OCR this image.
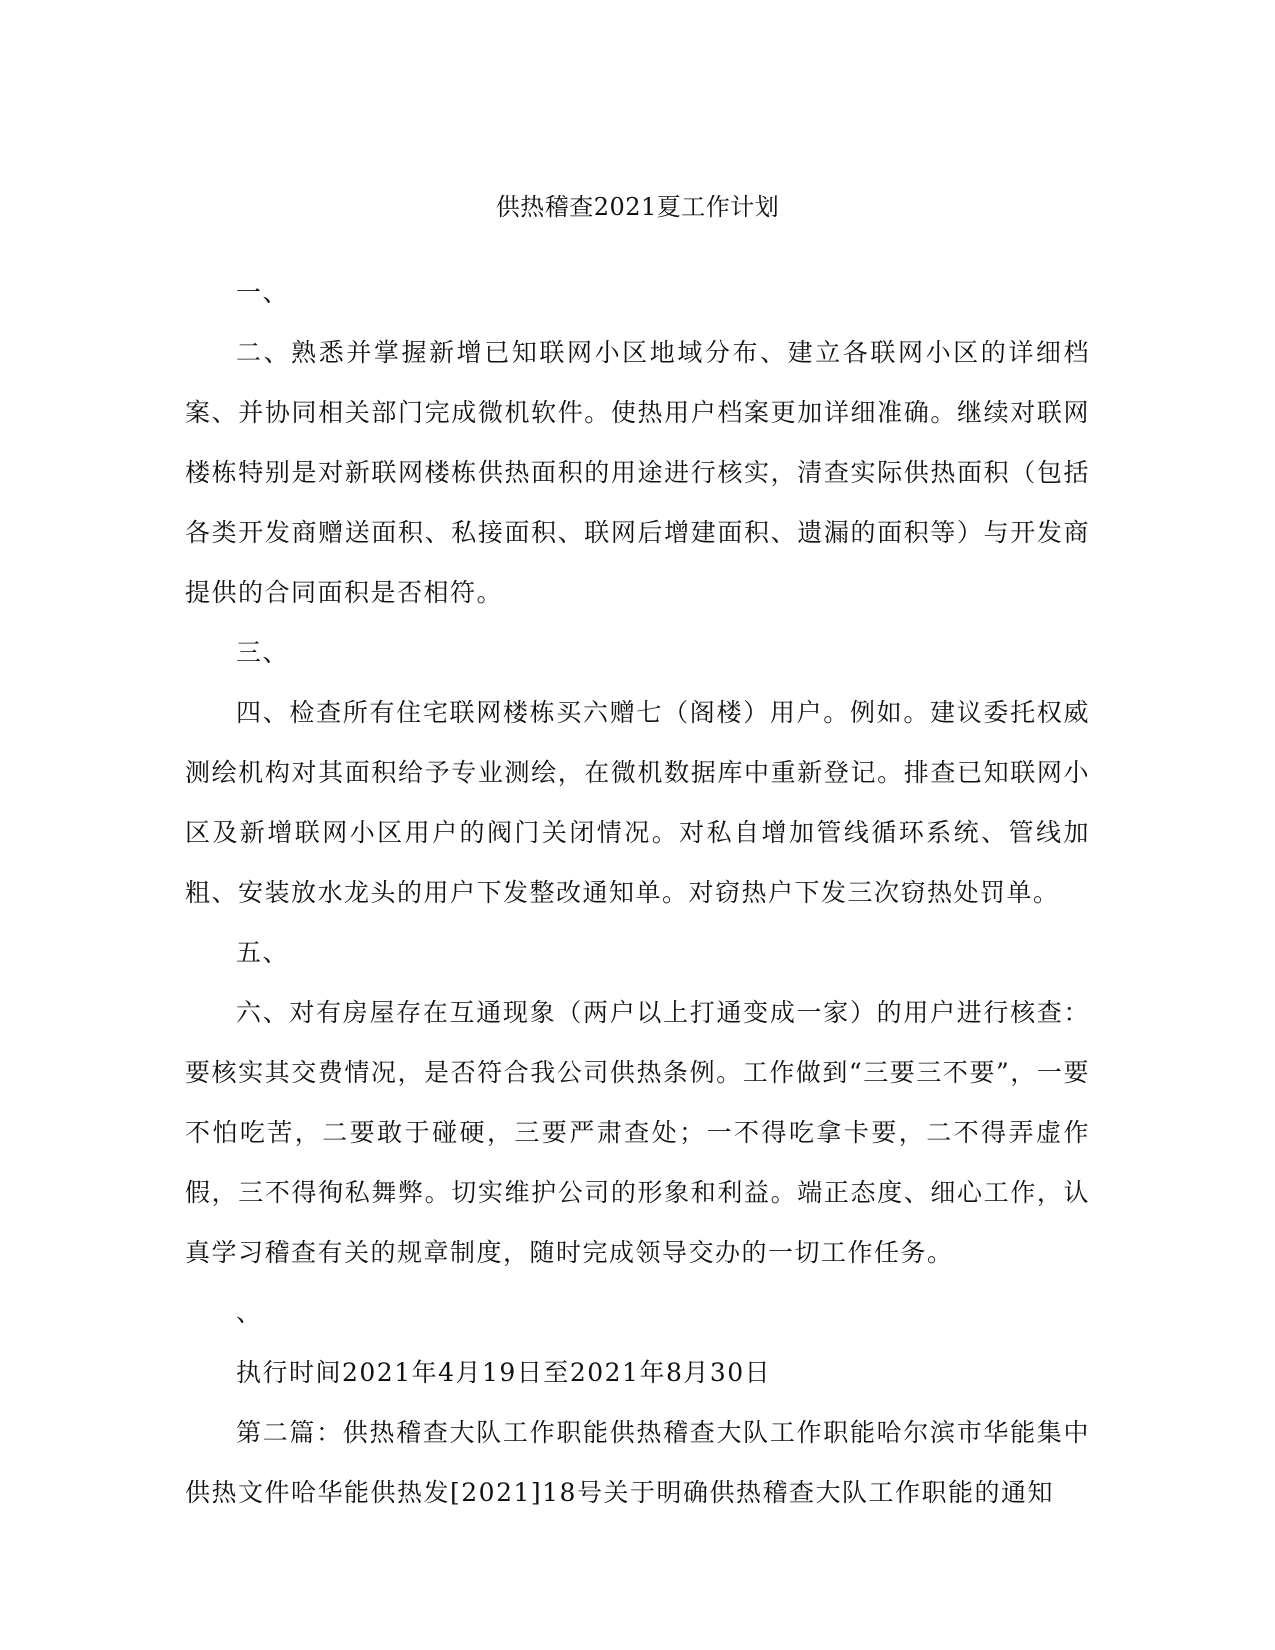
供热稽查2021夏工作计划

一、

二、熟悉并掌握新增已知联网小区地域分布、建立各联网小区的详细档案、并协同相关部门完成微机软件。使热用户档案更加详细准确。继续对联网楼栋特别是对新联网楼栋供热面积的用途进行核实，清查实际供热面积（包括各类开发商赠送面积、私接面积、联网后增建面积、遗漏的面积等）与开发商提供的合同面积是否相符。

三、

四、检查所有住宅联网楼栋买六赠七（阁楼）用户。例如。建议委托权威测绘机构对其面积给予专业测绘，在微机数据库中重新登记。排查已知联网小区及新增联网小区用户的阀门关闭情况。对私自增加管线循环系统、管线加粗、安装放水龙头的用户下发整改通知单。对窃热户下发三次窃热处罚单。

五、

六、对有房屋存在互通现象（两户以上打通变成一家）的用户进行核查：要核实其交费情况，是否符合我公司供热条例。工作做到“三要三不要”，一要不怕吃苦，二要敢于碰硬，三要严肃查处；一不得吃拿卡要，二不得弄虚作假，三不得徇私舞弊。切实维护公司的形象和利益。端正态度、细心工作，认真学习稽查有关的规章制度，随时完成领导交办的一切工作任务。

、

执行时间2021年4月19日至2021年8月30日

第二篇：供热稽查大队工作职能供热稽查大队工作职能哈尔滨市华能集中供热文件哈华能供热发[2021]18号关于明确供热稽查大队工作职能的通知
